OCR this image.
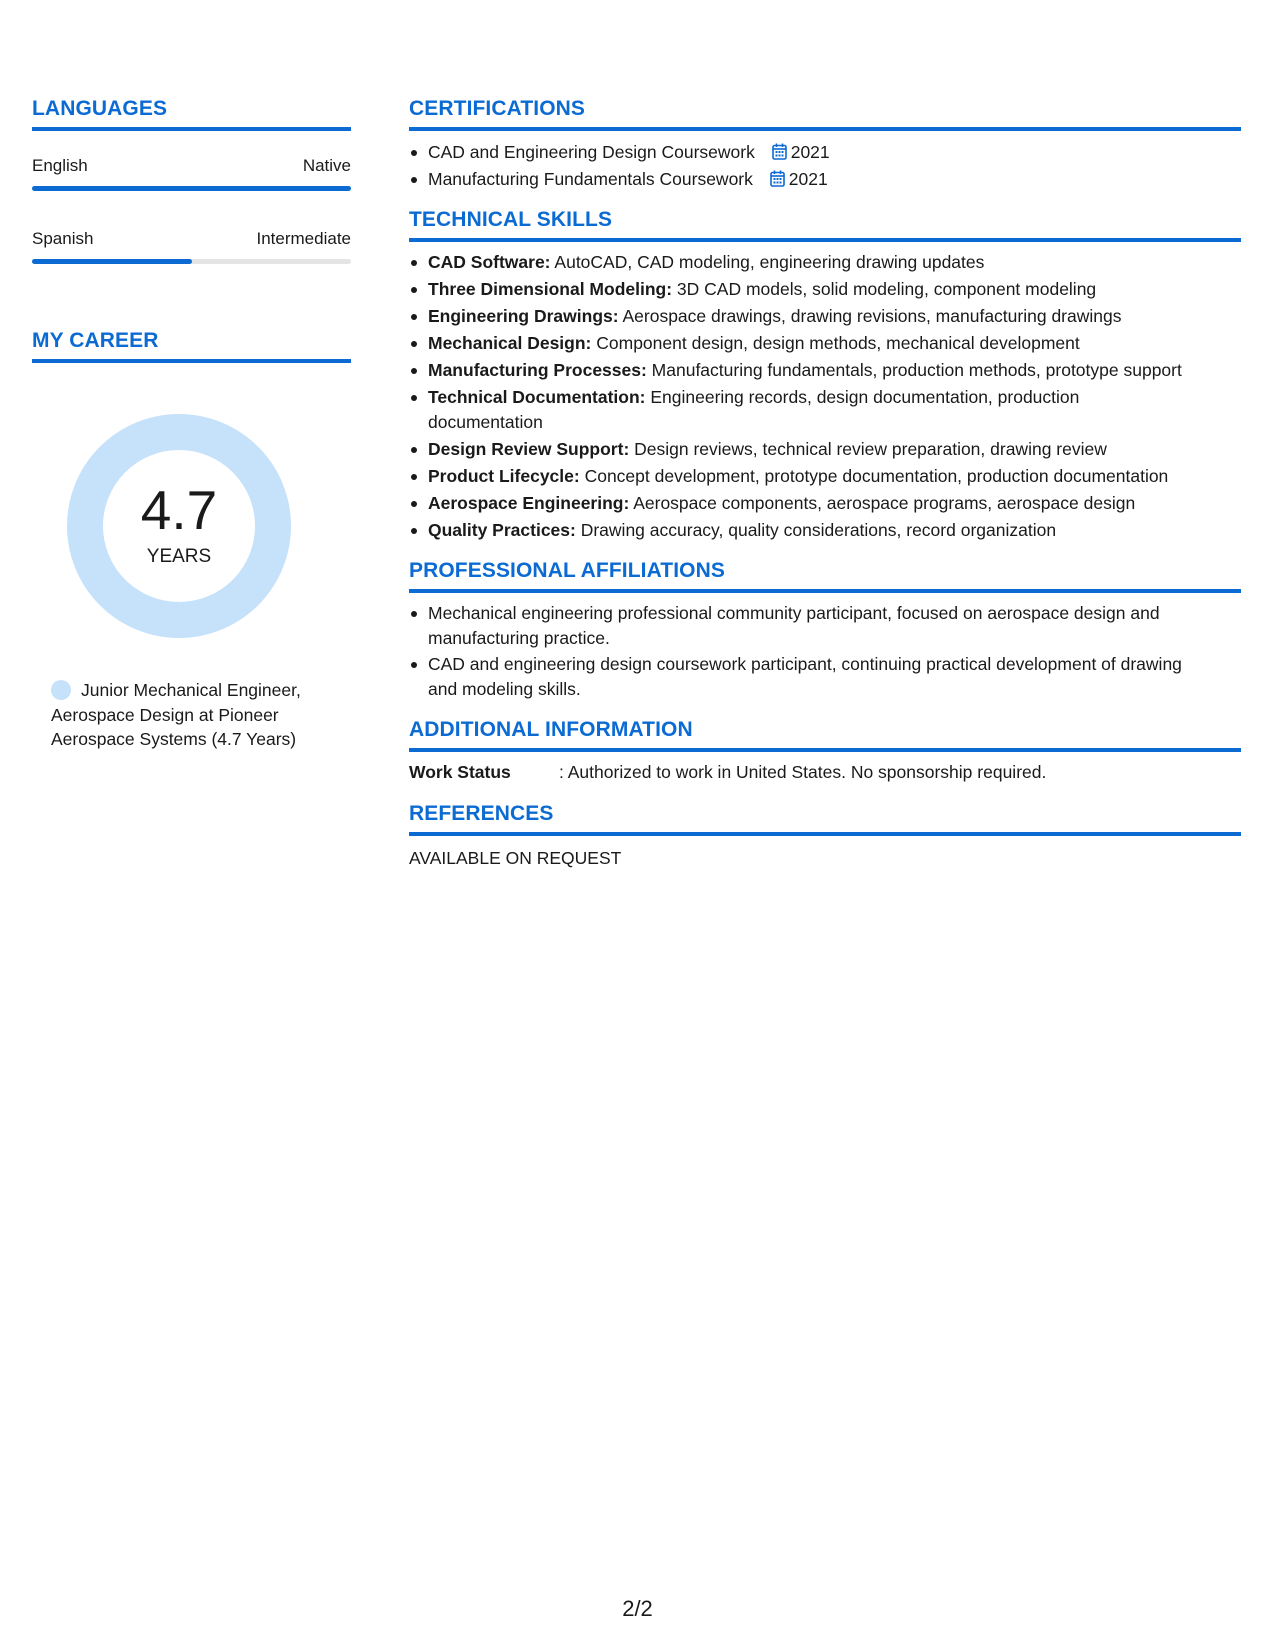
LANGUAGES
English	Native
Spanish	Intermediate
MY CAREER
4.7
YEARS
Junior Mechanical Engineer, Aerospace Design at Pioneer Aerospace Systems (4.7 Years)
CERTIFICATIONS
CAD and Engineering Design Coursework 2021
Manufacturing Fundamentals Coursework 2021
TECHNICAL SKILLS
CAD Software: AutoCAD, CAD modeling, engineering drawing updates
Three Dimensional Modeling: 3D CAD models, solid modeling, component modeling
Engineering Drawings: Aerospace drawings, drawing revisions, manufacturing drawings
Mechanical Design: Component design, design methods, mechanical development
Manufacturing Processes: Manufacturing fundamentals, production methods, prototype support
Technical Documentation: Engineering records, design documentation, production documentation
Design Review Support: Design reviews, technical review preparation, drawing review
Product Lifecycle: Concept development, prototype documentation, production documentation
Aerospace Engineering: Aerospace components, aerospace programs, aerospace design
Quality Practices: Drawing accuracy, quality considerations, record organization
PROFESSIONAL AFFILIATIONS
Mechanical engineering professional community participant, focused on aerospace design and manufacturing practice.
CAD and engineering design coursework participant, continuing practical development of drawing and modeling skills.
ADDITIONAL INFORMATION
Work Status	: Authorized to work in United States. No sponsorship required.
REFERENCES
AVAILABLE ON REQUEST
2/2
